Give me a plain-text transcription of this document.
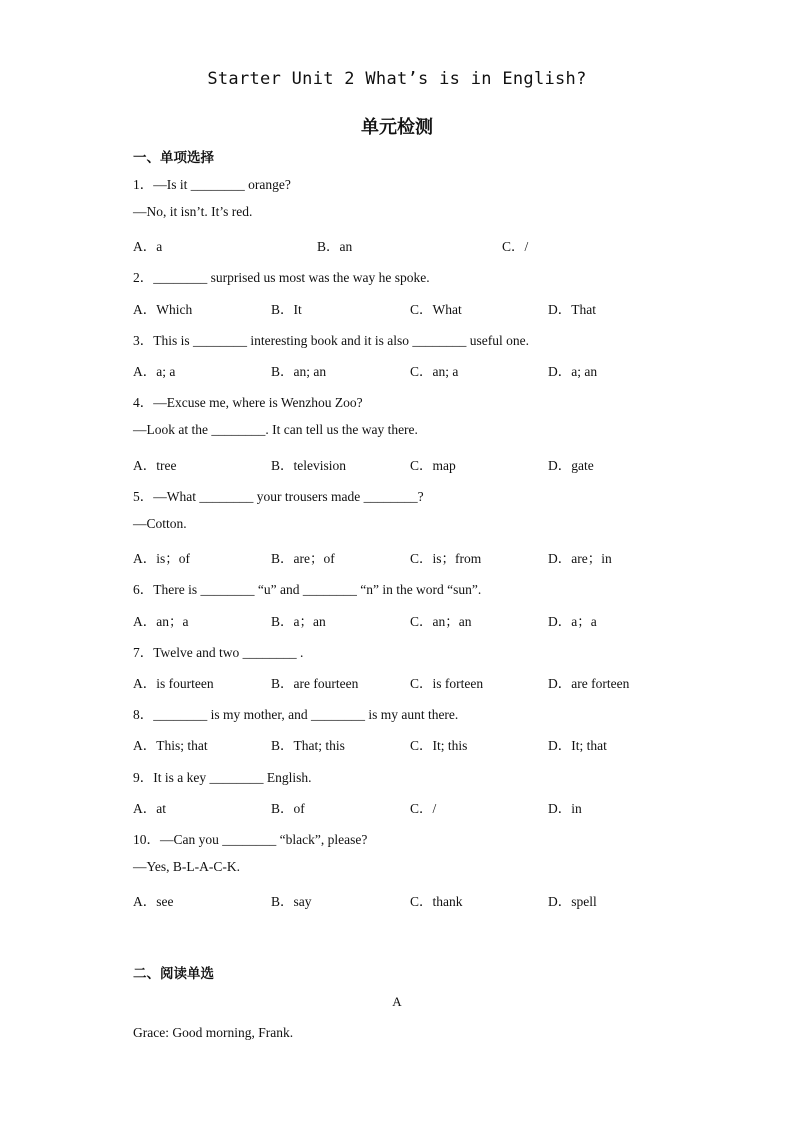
Starter Unit 2 What’s is in English?
单元检测
一、单项选择
1．—Is it ________ orange?
—No, it isn’t. It’s red.
A．a	B．an	C．/
2．________ surprised us most was the way he spoke.
A．Which	B．It	C．What	D．That
3．This is ________ interesting book and it is also ________ useful one.
A．a; a	B．an; an	C．an; a	D．a; an
4．—Excuse me, where is Wenzhou Zoo?
—Look at the ________. It can tell us the way there.
A．tree	B．television	C．map	D．gate
5．—What ________ your trousers made ________?
—Cotton.
A．is；of	B．are；of	C．is；from	D．are；in
6．There is ________ “u” and ________ “n” in the word “sun”.
A．an；a	B．a；an	C．an；an	D．a；a
7．Twelve and two ________ .
A．is fourteen	B．are fourteen	C．is forteen	D．are forteen
8．________ is my mother, and ________ is my aunt there.
A．This; that	B．That; this	C．It; this	D．It; that
9．It is a key ________ English.
A．at	B．of	C．/	D．in
10．—Can you ________ “black”, please?
—Yes, B-L-A-C-K.
A．see	B．say	C．thank	D．spell
二、阅读单选
A
Grace: Good morning, Frank.
